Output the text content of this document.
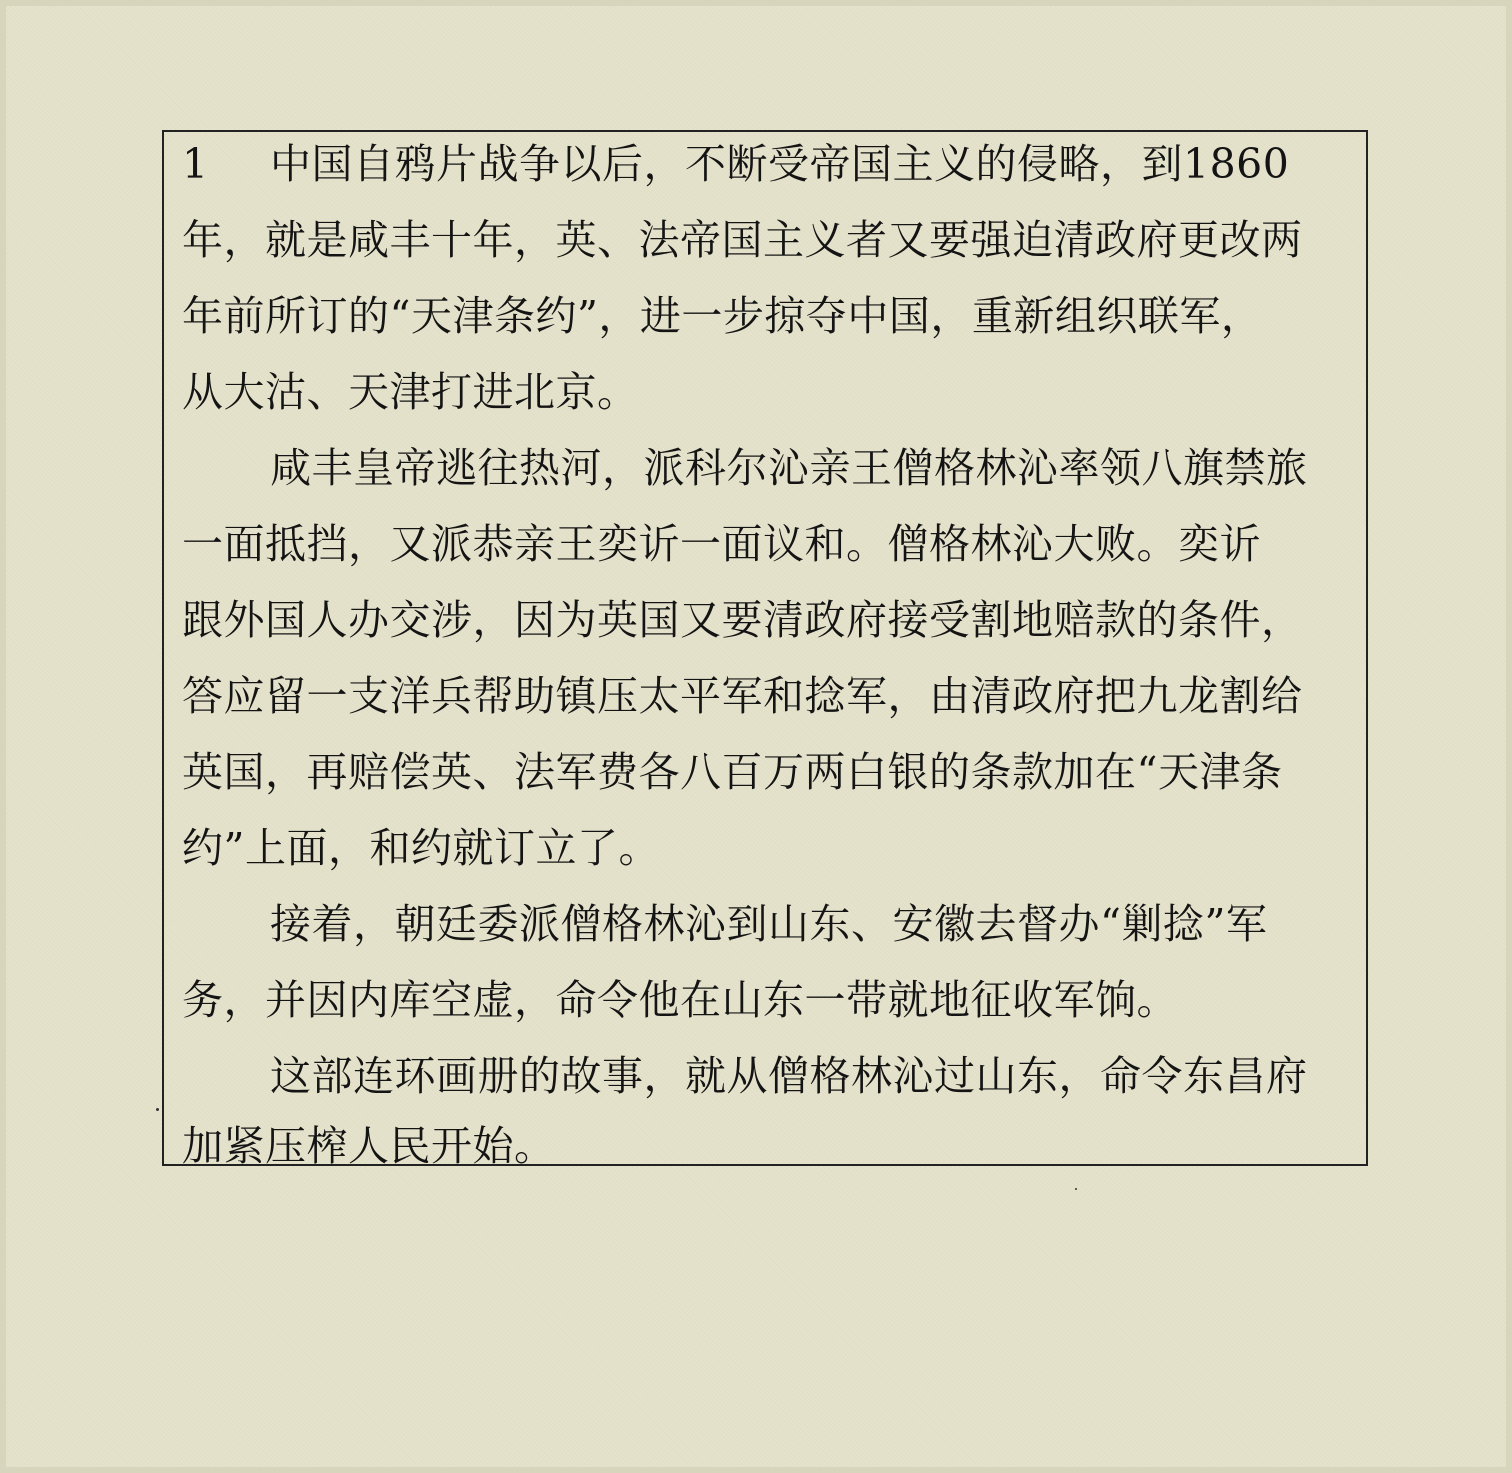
1	中国自鸦片战争以后，不断受帝国主义的侵略，到1860
年，就是咸丰十年，英、法帝国主义者又要强迫清政府更改两
年前所订的“天津条约”，进一步掠夺中国，重新组织联军，
从大沽、天津打进北京。
咸丰皇帝逃往热河，派科尔沁亲王僧格林沁率领八旗禁旅
一面抵挡，又派恭亲王奕䜣一面议和。僧格林沁大败。奕䜣
跟外国人办交涉，因为英国又要清政府接受割地赔款的条件，
答应留一支洋兵帮助镇压太平军和捻军，由清政府把九龙割给
英国，再赔偿英、法军费各八百万两白银的条款加在“天津条
约”上面，和约就订立了。
接着，朝廷委派僧格林沁到山东、安徽去督办“剿捻”军
务，并因内库空虚，命令他在山东一带就地征收军饷。
这部连环画册的故事，就从僧格林沁过山东，命令东昌府
加紧压榨人民开始。
